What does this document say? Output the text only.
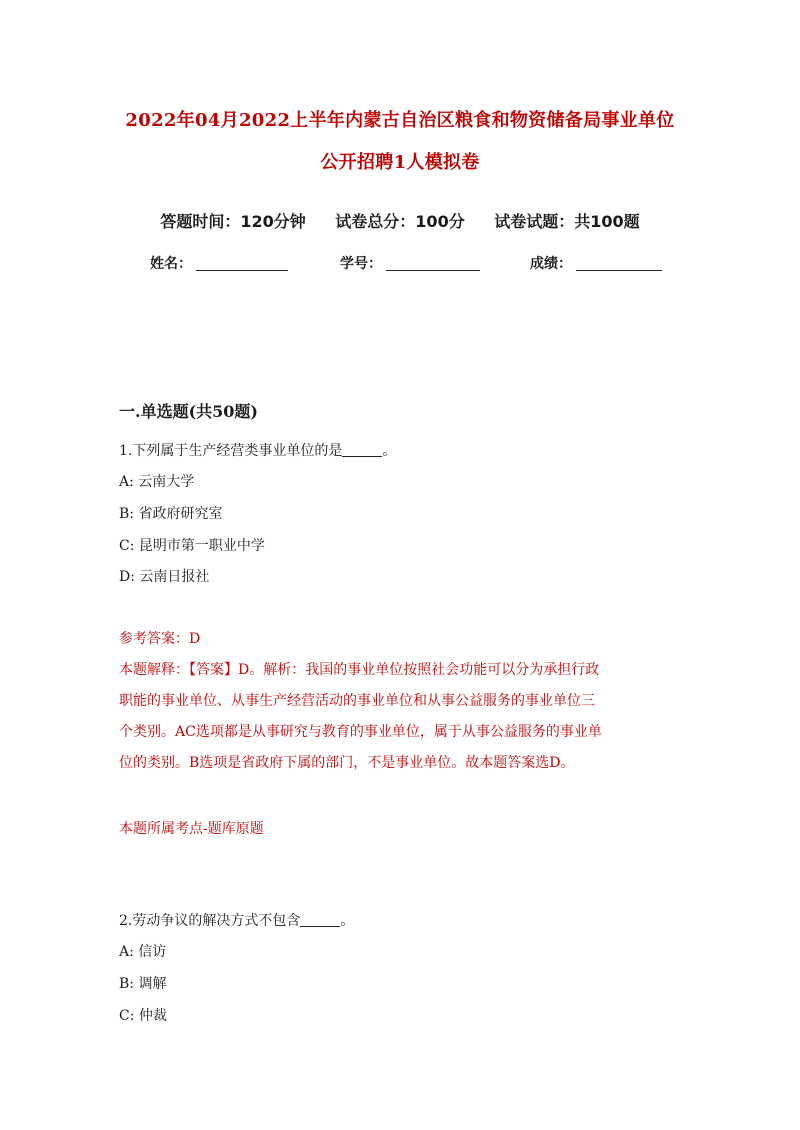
2022年04月2022上半年内蒙古自治区粮食和物资储备局事业单位
公开招聘1人模拟卷
答题时间：120分钟 试卷总分：100分 试卷试题：共100题
姓名：	学号：	成绩：
一.单选题(共50题)
1.下列属于生产经营类事业单位的是	。
A: 云南大学
B: 省政府研究室
C: 昆明市第一职业中学
D: 云南日报社
参考答案：D
本题解释：【答案】D。解析：我国的事业单位按照社会功能可以分为承担行政
职能的事业单位、从事生产经营活动的事业单位和从事公益服务的事业单位三
个类别。AC选项都是从事研究与教育的事业单位，属于从事公益服务的事业单
位的类别。B选项是省政府下属的部门，不是事业单位。故本题答案选D。
本题所属考点-题库原题
2.劳动争议的解决方式不包含	。
A: 信访
B: 调解
C: 仲裁
